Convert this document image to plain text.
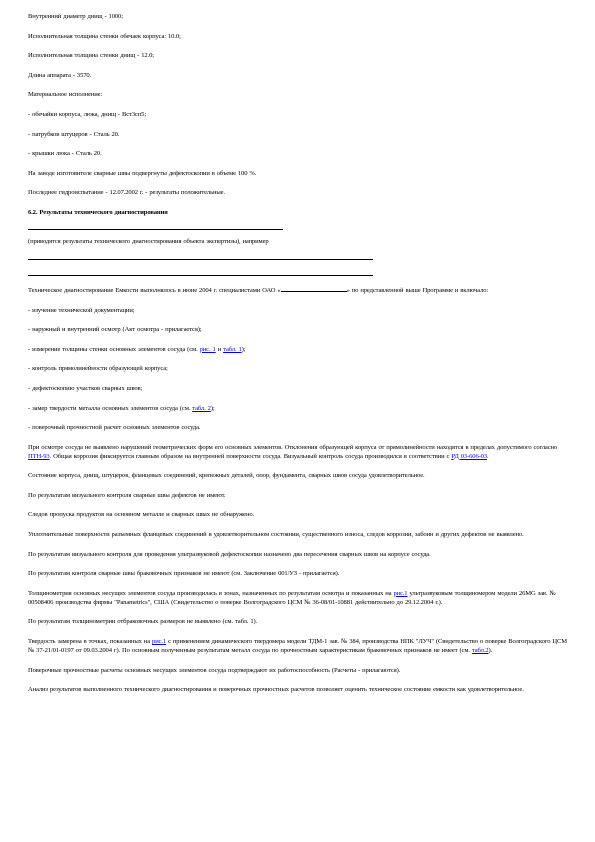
Внутренний диаметр днищ - 1000;

Исполнительная толщина стенки обечаек корпуса: 10.0;

Исполнительная толщина стенки днищ - 12.0;

Длина аппарата - 3570.

Материальное исполнение:

- обечайки корпуса, люка, днищ - Вст3сп5;

- патрубков штуцеров - Сталь 20.

- крышки люка - Сталь 20.

На заводе изготовителе сварные швы подвергнуты дефектоскопии в объеме 100 %.

Последнее гидроиспытание - 12.07.2002 г. - результаты положительные.

6.2. Результаты технического диагностирования

(приводятся результаты технического диагностирования объекта экспертизы), например

Техническое диагностирование Емкости выполнялось в июне 2004 г. специалистами ОАО «	» по представленной выше Программе и включало:

- изучение технической документации;

- наружный и внутренний осмотр (Акт осмотра - прилагается);

- измерение толщины стенки основных элементов сосуда (см. рис. 1 и табл. 1);

- контроль прямолинейности образующей корпуса;

- дефектоскопию участков сварных швов;

- замер твердости металла основных элементов сосуда (см. табл. 2);

- поверочный прочностной расчет основных элементов сосуда.

При осмотре сосуда не выявлено нарушений геометрических форм его основных элементов. Отклонения образующей корпуса от прямолинейности находятся в пределах допустимого согласно ПТН-93. Общая коррозия фиксируется главным образом на внутренней поверхности сосуда. Визуальный контроль сосуда производился в соответствии с РД 03-606-03.

Состояние корпуса, днищ, штуцеров, фланцевых соединений, крепежных деталей, опор, фундамента, сварных швов сосуда удовлетворительное.

По результатам визуального контроля сварные швы дефектов не имеют.

Следов пропуска продуктов на основном металле и сварных швах не обнаружено.

Уплотнительные поверхности разъемных фланцевых соединений в удовлетворительном состоянии, существенного износа, следов коррозии, забоин и других дефектов не выявлено.

По результатам визуального контроля для проведения ультразвуковой дефектоскопии назначено два пересечения сварных швов на корпусе сосуда.

По результатам контроля сварные швы браковочных признаков не имеют (см. Заключение 001/УЗ - прилагается).

Толщинометрия основных несущих элементов сосуда производилась в зонах, назначенных по результатам осмотра и показанных на рис.1 ультразвуковым толщиномером модели 26MG зав. № 00508406 производства фирмы "Panametrics", США (Свидетельство о поверке Волгоградского ЦСМ № 36-08/01-10881 действительно до 29.12.2004 г.).

По результатам толщинометрии отбраковочных размеров не выявлено (см. табл. 1).

Твердость замерена в точках, показанных на рис.1 с применением динамического твердомера модели ТДМ-1 зав. № 384, производства НПК "ЛУЧ" (Свидетельство о поверке Волгоградского ЦСМ № 37-21/01-0197 от 09.03.2004 г). По основным полученным результатам металл сосуда по прочностным характеристикам браковочных признаков не имеет (см. табл.2).

Поверочные прочностные расчеты основных несущих элементов сосуда подтверждают их работоспособность (Расчеты - прилагаются).

Анализ результатов выполненного технического диагностирования и поверочных прочностных расчетов позволяет оценить техническое состояние емкости как удовлетворительное.
